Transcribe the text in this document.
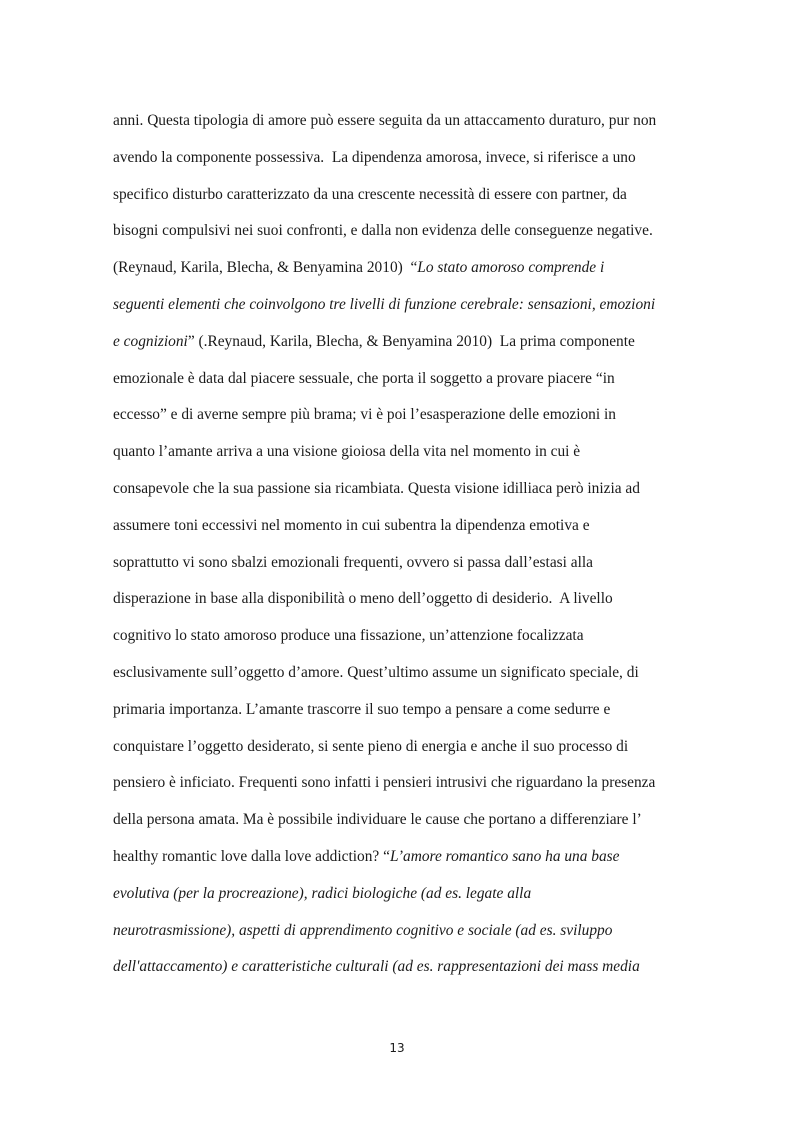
anni. Questa tipologia di amore può essere seguita da un attaccamento duraturo, pur non
avendo la componente possessiva.  La dipendenza amorosa, invece, si riferisce a uno
specifico disturbo caratterizzato da una crescente necessità di essere con partner, da
bisogni compulsivi nei suoi confronti, e dalla non evidenza delle conseguenze negative.
(Reynaud, Karila, Blecha, & Benyamina 2010)  “Lo stato amoroso comprende i
seguenti elementi che coinvolgono tre livelli di funzione cerebrale: sensazioni, emozioni
e cognizioni” (.Reynaud, Karila, Blecha, & Benyamina 2010)  La prima componente
emozionale è data dal piacere sessuale, che porta il soggetto a provare piacere “in
eccesso” e di averne sempre più brama; vi è poi l’esasperazione delle emozioni in
quanto l’amante arriva a una visione gioiosa della vita nel momento in cui è
consapevole che la sua passione sia ricambiata. Questa visione idilliaca però inizia ad
assumere toni eccessivi nel momento in cui subentra la dipendenza emotiva e
soprattutto vi sono sbalzi emozionali frequenti, ovvero si passa dall’estasi alla
disperazione in base alla disponibilità o meno dell’oggetto di desiderio.  A livello
cognitivo lo stato amoroso produce una fissazione, un’attenzione focalizzata
esclusivamente sull’oggetto d’amore. Quest’ultimo assume un significato speciale, di
primaria importanza. L’amante trascorre il suo tempo a pensare a come sedurre e
conquistare l’oggetto desiderato, si sente pieno di energia e anche il suo processo di
pensiero è inficiato. Frequenti sono infatti i pensieri intrusivi che riguardano la presenza
della persona amata. Ma è possibile individuare le cause che portano a differenziare l’
healthy romantic love dalla love addiction? “L’amore romantico sano ha una base
evolutiva (per la procreazione), radici biologiche (ad es. legate alla
neurotrasmissione), aspetti di apprendimento cognitivo e sociale (ad es. sviluppo
dell'attaccamento) e caratteristiche culturali (ad es. rappresentazioni dei mass media
13
